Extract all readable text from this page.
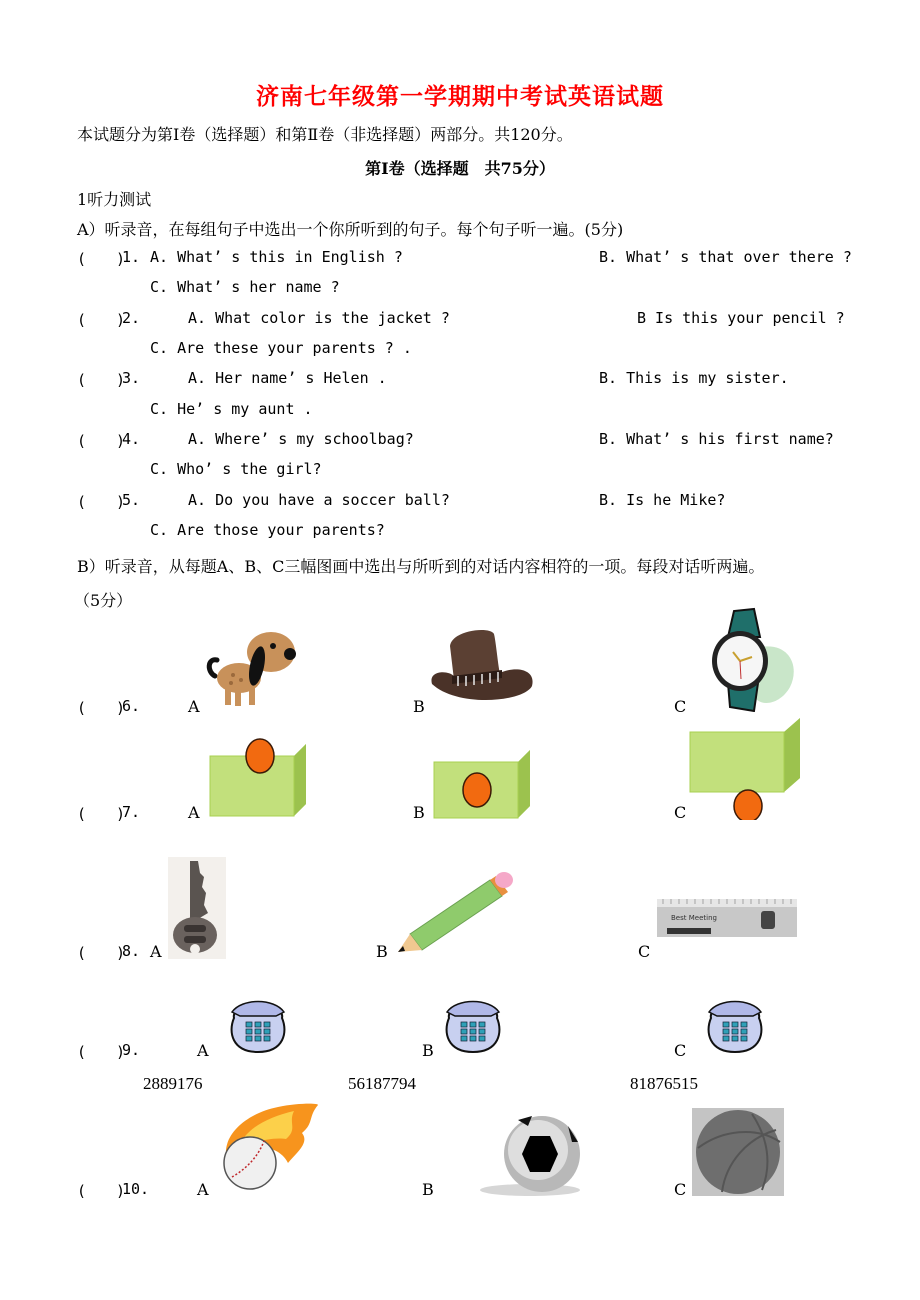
济南七年级第一学期期中考试英语试题
本试题分为第Ⅰ卷（选择题）和第Ⅱ卷（非选择题）两部分。共120分。
第Ⅰ卷（选择题　共75分）
1听力测试
A）听录音，在每组句子中选出一个你所听到的句子。每个句子听一遍。(5分)
(　　)
1. A. What’ s this in English ?	B. What’ s that over there ?
C. What’ s her name ?
(　　)
2.	A. What color is the jacket ?	B Is this your pencil ?
C. Are these your parents ? .
(　　)
3.	A. Her name’ s Helen .	B. This is my sister.
C. He’ s my aunt .
(　　)
4.	A. Where’ s my schoolbag?	B. What’ s his first name?
C. Who’ s the girl?
(　　)
5.	A. Do you have a soccer ball?	B. Is he Mike?
C. Are those your parents?
B）听录音，从每题A、B、C三幅图画中选出与所听到的对话内容相符的一项。每段对话听两遍。
（5分）
(　　)
6.	A	B	C
(　　)
7.	A	B	C
(　　)
8. A	B	C
Best Meeting
(　　)
9.	A	B	C
2889176	56187794	81876515
(　　)
10.	A	B	C
